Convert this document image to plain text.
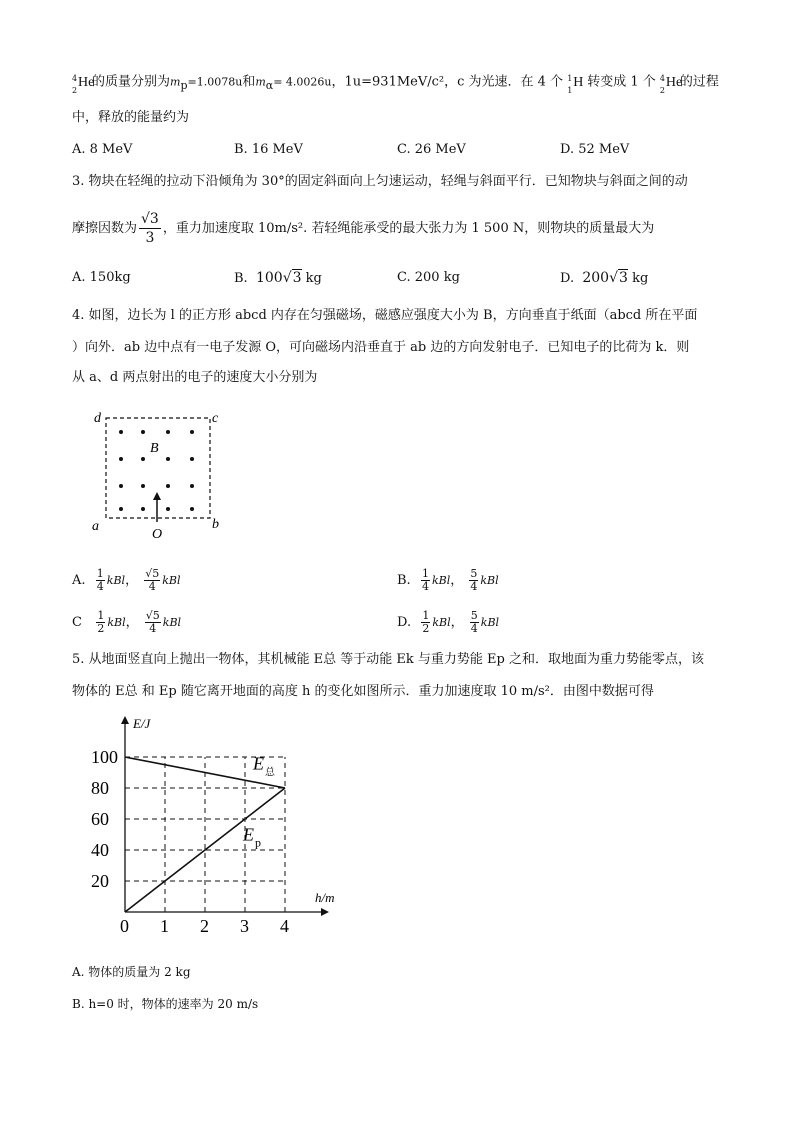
4
2
He
的质量分别为$m_p=1.0078u$和$m_\alpha= 4.0026u$，1u=931MeV/c²，c 为光速．在 4 个 1
1
H 转变成 1 个 4
2
He
的过程
中，释放的能量约为
A. 8 MeV	B. 16 MeV	C. 26 MeV	D. 52 MeV
3. 物块在轻绳的拉动下沿倾角为 30°的固定斜面向上匀速运动，轻绳与斜面平行．已知物块与斜面之间的动
摩擦因数为 $\frac{√3}{3}$ ，重力加速度取 10m/s². 若轻绳能承受的最大张力为 1 500 N，则物块的质量最大为
A. 150kg	B. 100√3 kg	C. 200 kg	D. 200√3 kg
4. 如图，边长为 l 的正方形 abcd 内存在匀强磁场，磁感应强度大小为 B，方向垂直于纸面（abcd 所在平面
）向外．ab 边中点有一电子发源 O，可向磁场内沿垂直于 ab 边的方向发射电子．已知电子的比荷为 k．则
从 a、d 两点射出的电子的速度大小分别为
d	c
B
a	b
O
A. $\frac{1}{4}$ kBl， $\frac{√5}{4}$ kBl	B. $\frac{1}{4}$ kBl， $\frac{5}{4}$ kBl
C $\frac{1}{2}$ kBl， $\frac{√5}{4}$ kBl	D. $\frac{1}{2}$ kBl， $\frac{5}{4}$ kBl
5. 从地面竖直向上抛出一物体，其机械能 E总 等于动能 Ek 与重力势能 Ep 之和．取地面为重力势能零点，该
物体的 E总 和 Ep 随它离开地面的高度 h 的变化如图所示．重力加速度取 10 m/s²．由图中数据可得
0 1 2 3 4
20
40
60
80
100
E/J
h/m
E 总
E p
A. 物体的质量为 2 kg
B. h=0 时，物体的速率为 20 m/s
